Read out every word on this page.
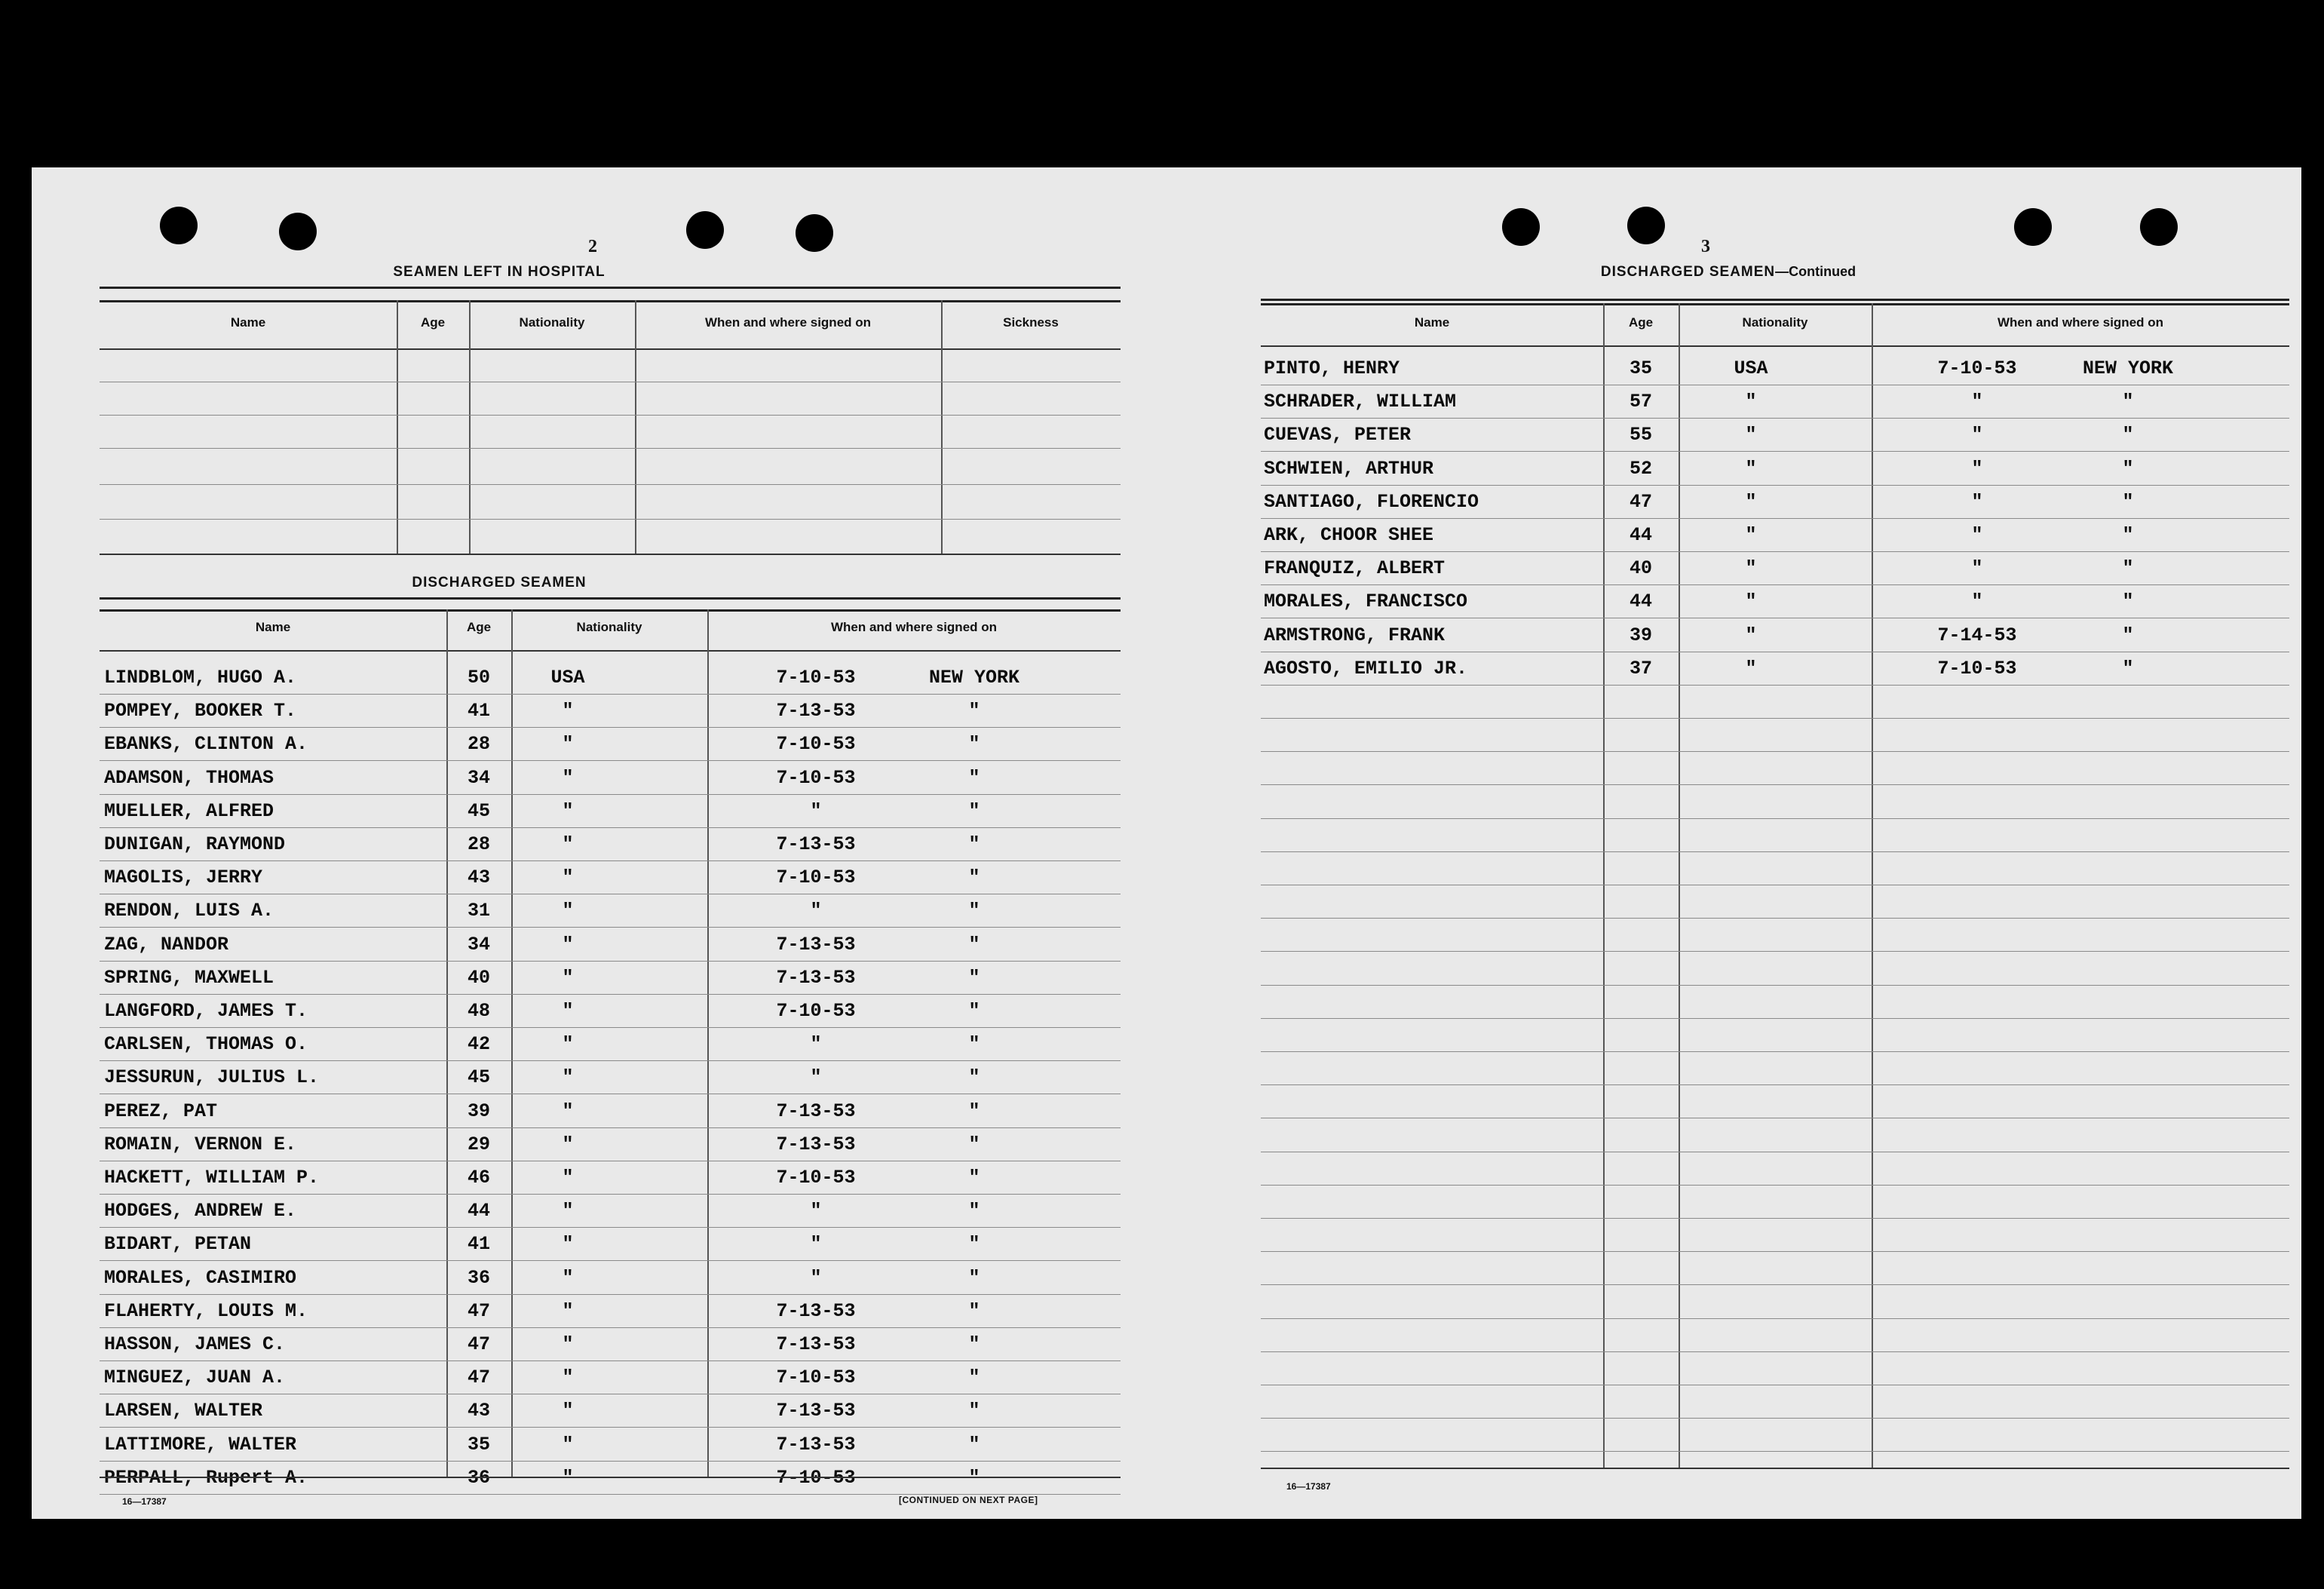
2
SEAMEN LEFT IN HOSPITAL
Name	Age	Nationality	When and where signed on	Sickness
DISCHARGED SEAMEN
Name	Age	Nationality	When and where signed on
LINDBLOM, HUGO A.	50	USA	7-10-53	NEW YORK
POMPEY, BOOKER T.	41	"	7-13-53	"
EBANKS, CLINTON A.	28	"	7-10-53	"
ADAMSON, THOMAS	34	"	7-10-53	"
MUELLER, ALFRED	45	"	"	"
DUNIGAN, RAYMOND	28	"	7-13-53	"
MAGOLIS, JERRY	43	"	7-10-53	"
RENDON, LUIS A.	31	"	"	"
ZAG, NANDOR	34	"	7-13-53	"
SPRING, MAXWELL	40	"	7-13-53	"
LANGFORD, JAMES T.	48	"	7-10-53	"
CARLSEN, THOMAS O.	42	"	"	"
JESSURUN, JULIUS L.	45	"	"	"
PEREZ, PAT	39	"	7-13-53	"
ROMAIN, VERNON E.	29	"	7-13-53	"
HACKETT, WILLIAM P.	46	"	7-10-53	"
HODGES, ANDREW E.	44	"	"	"
BIDART, PETAN	41	"	"	"
MORALES, CASIMIRO	36	"	"	"
FLAHERTY, LOUIS M.	47	"	7-13-53	"
HASSON, JAMES C.	47	"	7-13-53	"
MINGUEZ, JUAN A.	47	"	7-10-53	"
LARSEN, WALTER	43	"	7-13-53	"
LATTIMORE, WALTER	35	"	7-13-53	"
PERPALL, Rupert A.	36	"	7-10-53	"
16—17387	[CONTINUED ON NEXT PAGE]
3
DISCHARGED SEAMEN—Continued
Name	Age	Nationality	When and where signed on
PINTO, HENRY	35	USA	7-10-53	NEW YORK
SCHRADER, WILLIAM	57	"	"	"
CUEVAS, PETER	55	"	"	"
SCHWIEN, ARTHUR	52	"	"	"
SANTIAGO, FLORENCIO	47	"	"	"
ARK, CHOOR SHEE	44	"	"	"
FRANQUIZ, ALBERT	40	"	"	"
MORALES, FRANCISCO	44	"	"	"
ARMSTRONG, FRANK	39	"	7-14-53	"
AGOSTO, EMILIO JR.	37	"	7-10-53	"
16—17387
